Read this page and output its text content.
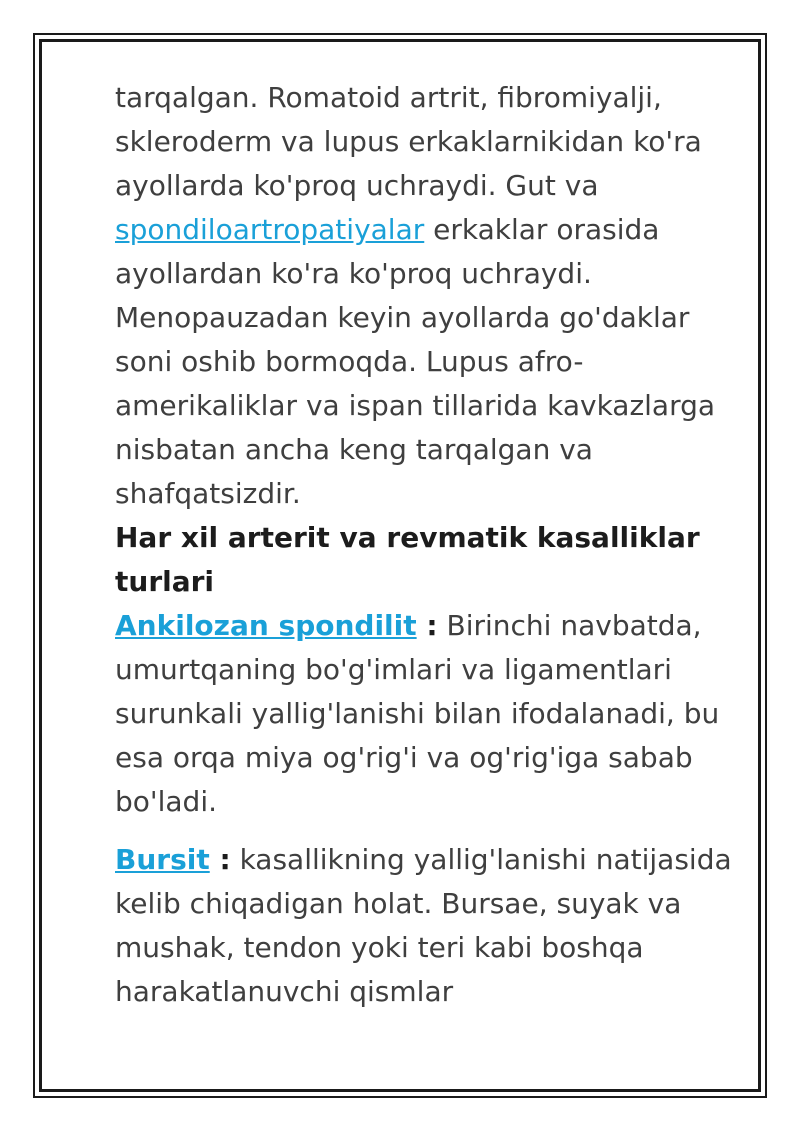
tarqalgan. Romatoid artrit, fibromiyalji, skleroderm va lupus erkaklarnikidan ko'ra ayollarda ko'proq uchraydi. Gut va spondiloartropatiyalar erkaklar orasida ayollardan ko'ra ko'proq uchraydi. Menopauzadan keyin ayollarda go'daklar soni oshib bormoqda. Lupus afro-amerikaliklar va ispan tillarida kavkazlarga nisbatan ancha keng tarqalgan va shafqatsizdir.

Har xil arterit va revmatik kasalliklar turlari

Ankilozan spondilit : Birinchi navbatda, umurtqaning bo'g'imlari va ligamentlari surunkali yallig'lanishi bilan ifodalanadi, bu esa orqa miya og'rig'i va og'rig'iga sabab bo'ladi.

Bursit : kasallikning yallig'lanishi natijasida kelib chiqadigan holat. Bursae, suyak va mushak, tendon yoki teri kabi boshqa harakatlanuvchi qismlar
